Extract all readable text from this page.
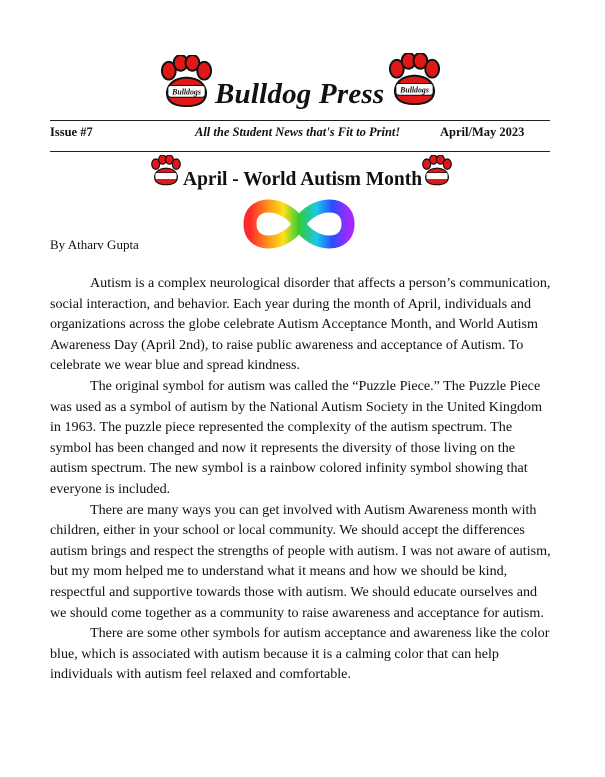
Bulldogs	Bulldogs
Bulldog Press
Issue #7	All the Student News that's Fit to Print!	April/May 2023
April - World Autism Month
By Atharv Gupta

Autism is a complex neurological disorder that affects a person’s communication, social interaction, and behavior. Each year during the month of April, individuals and organizations across the globe celebrate Autism Acceptance Month, and World Autism Awareness Day (April 2nd), to raise public awareness and acceptance of Autism. To celebrate we wear blue and spread kindness.

The original symbol for autism was called the “Puzzle Piece.” The Puzzle Piece was used as a symbol of autism by the National Autism Society in the United Kingdom in 1963. The puzzle piece represented the complexity of the autism spectrum. The symbol has been changed and now it represents the diversity of those living on the autism spectrum. The new symbol is a rainbow colored infinity symbol showing that everyone is included.

There are many ways you can get involved with Autism Awareness month with children, either in your school or local community. We should accept the differences autism brings and respect the strengths of people with autism. I was not aware of autism, but my mom helped me to understand what it means and how we should be kind, respectful and supportive towards those with autism. We should educate ourselves and we should come together as a community to raise awareness and acceptance for autism.

There are some other symbols for autism acceptance and awareness like the color blue, which is associated with autism because it is a calming color that can help individuals with autism feel relaxed and comfortable.
